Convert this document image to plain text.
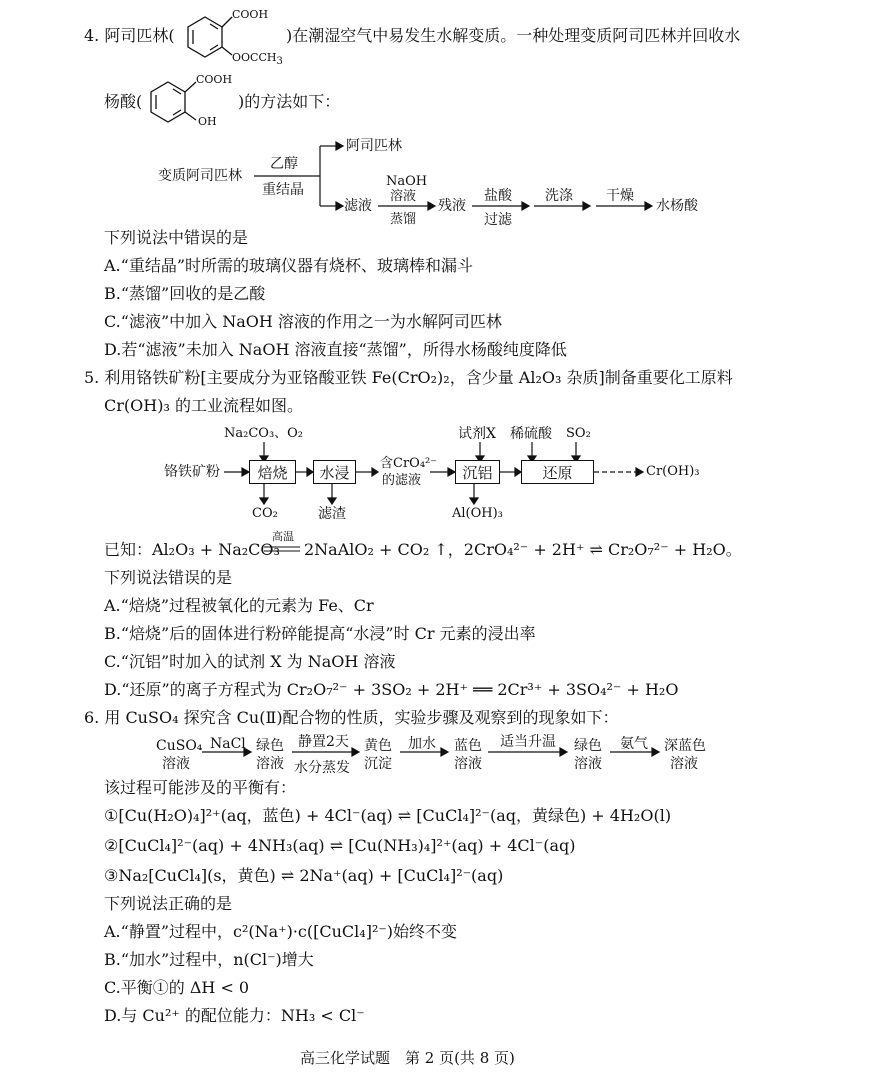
4. 阿司匹林(
COOH
$OOCCH_3$
)在潮湿空气中易发生水解变质。一种处理变质阿司匹林并回收水
杨酸(
COOH
OH
)的方法如下：
变质阿司匹林
乙醇
重结晶
阿司匹林
滤液
NaOH
溶液
蒸馏
残液
盐酸
过滤
洗涤 干燥
水杨酸
下列说法中错误的是
A.“重结晶”时所需的玻璃仪器有烧杯、玻璃棒和漏斗
B.“蒸馏”回收的是乙酸
C.“滤液”中加入 NaOH 溶液的作用之一为水解阿司匹林
D.若“滤液”未加入 NaOH 溶液直接“蒸馏”，所得水杨酸纯度降低
5. 利用铬铁矿粉[主要成分为亚铬酸亚铁 Fe(CrO₂)₂，含少量 Al₂O₃ 杂质]制备重要化工原料
Cr(OH)₃ 的工业流程如图。
Na₂CO₃、O₂
铬铁矿粉	焙烧	水浸	含CrO₄²⁻
的滤液	沉铝	还原
试剂X 稀硫酸 SO₂
Cr(OH)₃
CO₂	滤渣	Al(OH)₃
已知：Al₂O₃ + Na₂CO₃
高温
2NaAlO₂ + CO₂ ↑，2CrO₄²⁻ + 2H⁺ ⇌ Cr₂O₇²⁻ + H₂O。
下列说法错误的是
A.“焙烧”过程被氧化的元素为 Fe、Cr
B.“焙烧”后的固体进行粉碎能提高“水浸”时 Cr 元素的浸出率
C.“沉铝”时加入的试剂 X 为 NaOH 溶液
D.“还原”的离子方程式为 Cr₂O₇²⁻ + 3SO₂ + 2H⁺ ══ 2Cr³⁺ + 3SO₄²⁻ + H₂O
6. 用 CuSO₄ 探究含 Cu(Ⅱ)配合物的性质，实验步骤及观察到的现象如下：
CuSO₄
溶液
NaCl 绿色
溶液
静置2天
水分蒸发
黄色
沉淀
加水 蓝色
溶液
适当升温 绿色
溶液
氨气 深蓝色
溶液
该过程可能涉及的平衡有：
①[Cu(H₂O)₄]²⁺(aq，蓝色) + 4Cl⁻(aq) ⇌ [CuCl₄]²⁻(aq，黄绿色) + 4H₂O(l)
②[CuCl₄]²⁻(aq) + 4NH₃(aq) ⇌ [Cu(NH₃)₄]²⁺(aq) + 4Cl⁻(aq)
③Na₂[CuCl₄](s，黄色) ⇌ 2Na⁺(aq) + [CuCl₄]²⁻(aq)
下列说法正确的是
A.“静置”过程中，c²(Na⁺)·c([CuCl₄]²⁻)始终不变
B.“加水”过程中，n(Cl⁻)增大
C.平衡①的 ΔH < 0
D.与 Cu²⁺ 的配位能力：NH₃ < Cl⁻
高三化学试题　第 2 页(共 8 页)
